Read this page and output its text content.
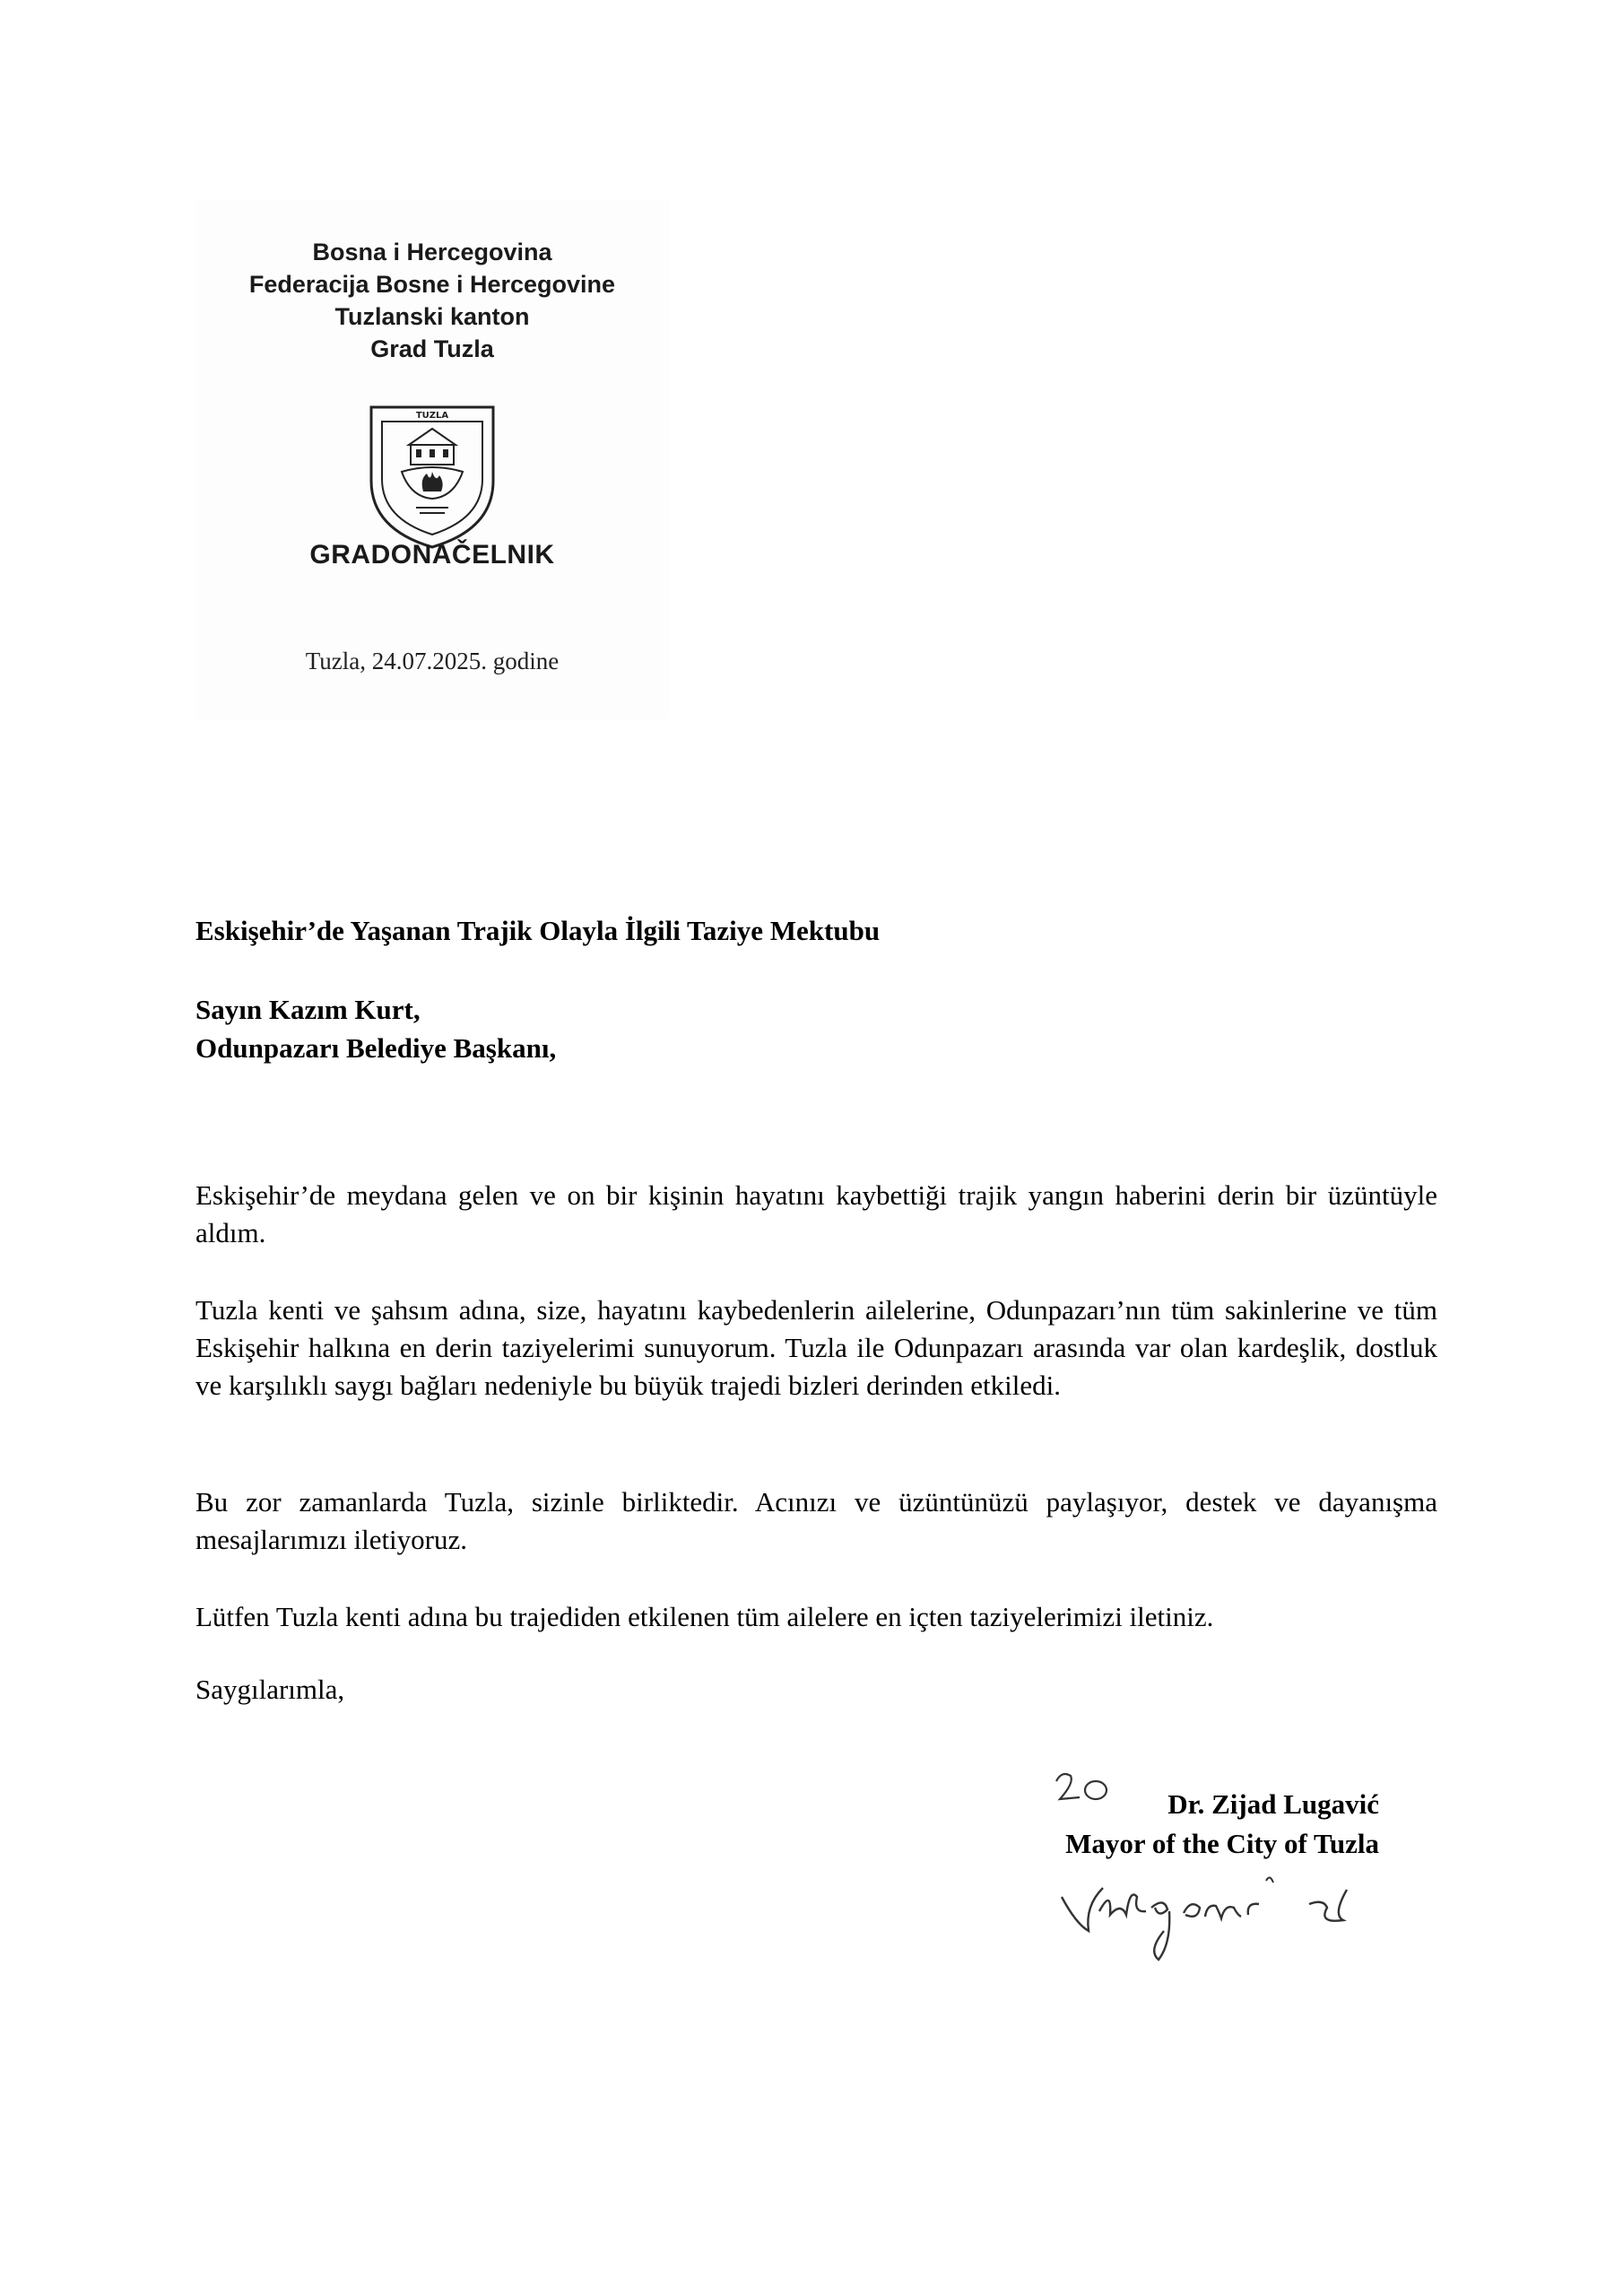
Bosna i Hercegovina
Federacija Bosne i Hercegovine
Tuzlanski kanton
Grad Tuzla
TUZLA
GRADONAČELNIK
Tuzla, 24.07.2025. godine
Eskişehir’de Yaşanan Trajik Olayla İlgili Taziye Mektubu
Sayın Kazım Kurt,
Odunpazarı Belediye Başkanı,
Eskişehir’de meydana gelen ve on bir kişinin hayatını kaybettiği trajik yangın haberini derin bir üzüntüyle aldım.
Tuzla kenti ve şahsım adına, size, hayatını kaybedenlerin ailelerine, Odunpazarı’nın tüm sakinlerine ve tüm Eskişehir halkına en derin taziyelerimi sunuyorum. Tuzla ile Odunpazarı arasında var olan kardeşlik, dostluk ve karşılıklı saygı bağları nedeniyle bu büyük trajedi bizleri derinden etkiledi.
Bu zor zamanlarda Tuzla, sizinle birliktedir. Acınızı ve üzüntünüzü paylaşıyor, destek ve dayanışma mesajlarımızı iletiyoruz.
Lütfen Tuzla kenti adına bu trajediden etkilenen tüm ailelere en içten taziyelerimizi iletiniz.
Saygılarımla,
Dr. Zijad Lugavić
Mayor of the City of Tuzla
